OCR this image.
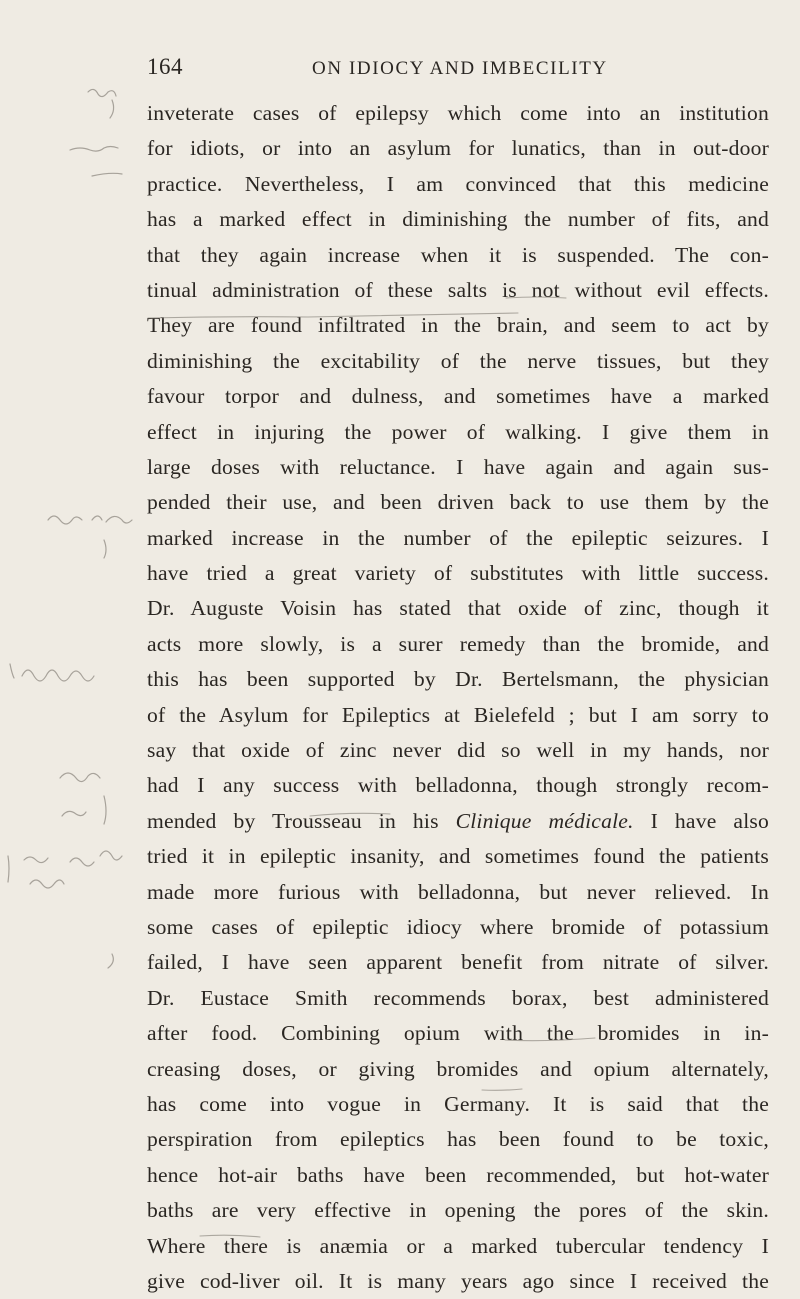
164	ON IDIOCY AND IMBECILITY
inveterate cases of epilepsy which come into an institution
for idiots, or into an asylum for lunatics, than in out-door
practice. Nevertheless, I am convinced that this medicine
has a marked effect in diminishing the number of fits, and
that they again increase when it is suspended. The con-
tinual administration of these salts is not without evil effects.
They are found infiltrated in the brain, and seem to act by
diminishing the excitability of the nerve tissues, but they
favour torpor and dulness, and sometimes have a marked
effect in injuring the power of walking. I give them in
large doses with reluctance. I have again and again sus-
pended their use, and been driven back to use them by the
marked increase in the number of the epileptic seizures. I
have tried a great variety of substitutes with little success.
Dr. Auguste Voisin has stated that oxide of zinc, though it
acts more slowly, is a surer remedy than the bromide, and
this has been supported by Dr. Bertelsmann, the physician
of the Asylum for Epileptics at Bielefeld ; but I am sorry to
say that oxide of zinc never did so well in my hands, nor
had I any success with belladonna, though strongly recom-
mended by Trousseau in his Clinique médicale. I have also
tried it in epileptic insanity, and sometimes found the patients
made more furious with belladonna, but never relieved. In
some cases of epileptic idiocy where bromide of potassium
failed, I have seen apparent benefit from nitrate of silver.
Dr. Eustace Smith recommends borax, best administered
after food. Combining opium with the bromides in in-
creasing doses, or giving bromides and opium alternately,
has come into vogue in Germany. It is said that the
perspiration from epileptics has been found to be toxic,
hence hot-air baths have been recommended, but hot-water
baths are very effective in opening the pores of the skin.
Where there is anæmia or a marked tubercular tendency I
give cod-liver oil. It is many years ago since I received the
